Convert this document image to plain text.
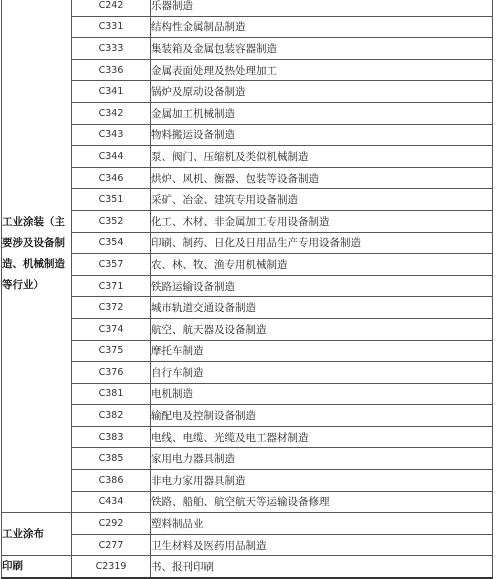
工业涂装（主
要涉及设备制
造、机械制造
等行业）	C242	乐器制造
	C331	结构性金属制品制造
	C333	集装箱及金属包装容器制造
	C336	金属表面处理及热处理加工
	C341	锅炉及原动设备制造
	C342	金属加工机械制造
	C343	物料搬运设备制造
	C344	泵、阀门、压缩机及类似机械制造
	C346	烘炉、风机、衡器、包装等设备制造
	C351	采矿、冶金、建筑专用设备制造
	C352	化工、木材、非金属加工专用设备制造
	C354	印刷、制药、日化及日用品生产专用设备制造
	C357	农、林、牧、渔专用机械制造
	C371	铁路运输设备制造
	C372	城市轨道交通设备制造
	C374	航空、航天器及设备制造
	C375	摩托车制造
	C376	自行车制造
	C381	电机制造
	C382	输配电及控制设备制造
	C383	电线、电缆、光缆及电工器材制造
	C385	家用电力器具制造
	C386	非电力家用器具制造
	C434	铁路、船舶、航空航天等运输设备修理

工业涂布	C292	塑料制品业
	C277	卫生材料及医药用品制造

印刷	C2319	书、报刊印刷
